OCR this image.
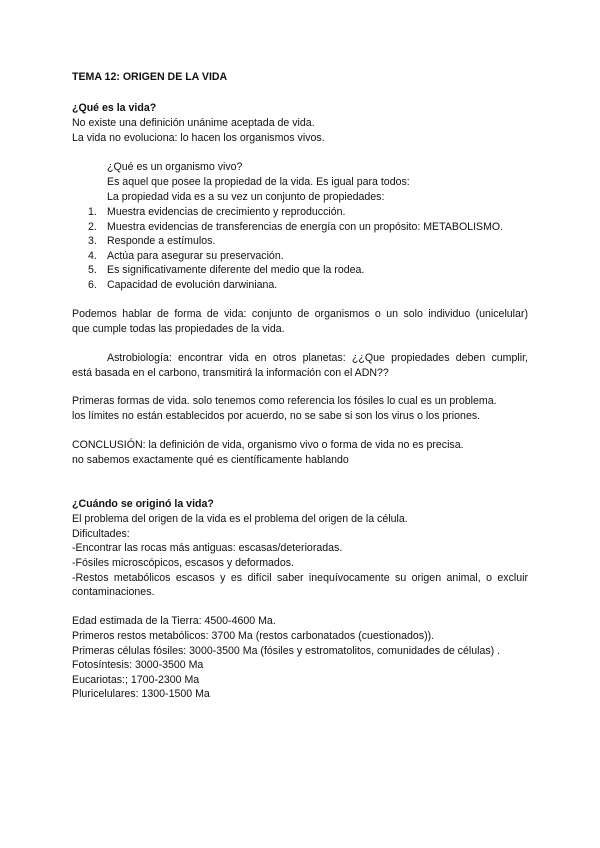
TEMA 12: ORIGEN DE LA VIDA
¿Qué es la vida?
No existe una definición unánime aceptada de vida.
La vida no evoluciona: lo hacen los organismos vivos.
¿Qué es un organismo vivo?
Es aquel que posee la propiedad de la vida. Es igual para todos:
La propiedad vida es a su vez un conjunto de propiedades:
1. Muestra evidencias de crecimiento y reproducción.
2. Muestra evidencias de transferencias de energía con un propósito: METABOLISMO.
3. Responde a estímulos.
4. Actúa para asegurar su preservación.
5. Es significativamente diferente del medio que la rodea.
6. Capacidad de evolución darwiniana.
Podemos hablar de forma de vida: conjunto de organismos o un solo individuo (unicelular)
que cumple todas las propiedades de la vida.
Astrobiología: encontrar vida en otros planetas: ¿¿Que propiedades deben cumplir,
está basada en el carbono, transmitirá la información con el ADN??
Primeras formas de vida. solo tenemos como referencia los fósiles lo cual es un problema.
los límites no están establecidos por acuerdo, no se sabe si son los virus o los priones.
CONCLUSIÓN: la definición de vida, organismo vivo o forma de vida no es precisa.
no sabemos exactamente qué es científicamente hablando
¿Cuándo se originó la vida?
El problema del origen de la vida es el problema del origen de la célula.
Dificultades:
-Encontrar las rocas más antiguas: escasas/deterioradas.
-Fósiles microscópicos, escasos y deformados.
-Restos metabólicos escasos y es difícil saber inequívocamente su origen animal, o excluir
contaminaciones.
Edad estimada de la Tierra: 4500-4600 Ma.
Primeros restos metabólicos: 3700 Ma (restos carbonatados (cuestionados)).
Primeras células fósiles: 3000-3500 Ma (fósiles y estromatolitos, comunidades de células) .
Fotosíntesis: 3000-3500 Ma
Eucariotas:; 1700-2300 Ma
Pluricelulares: 1300-1500 Ma
